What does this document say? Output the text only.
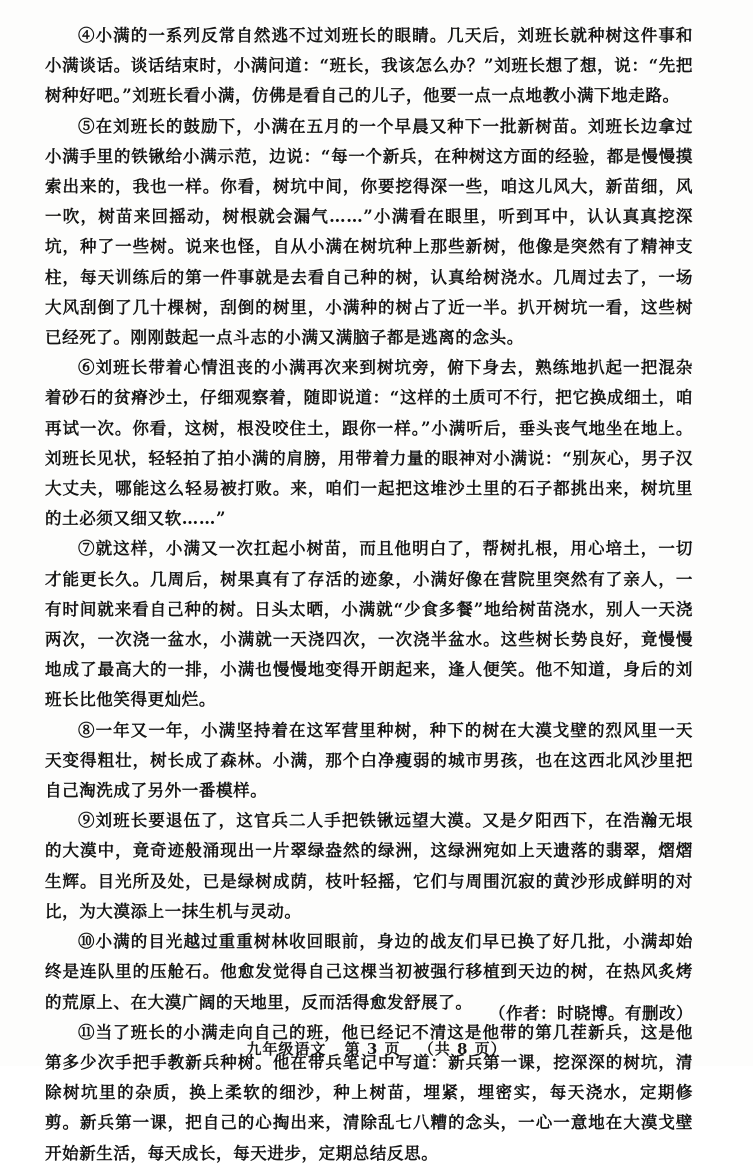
④小满的一系列反常自然逃不过刘班长的眼睛。几天后，刘班长就种树这件事和小满谈话。谈话结束时，小满问道：“班长，我该怎么办？”刘班长想了想，说：“先把树种好吧。”刘班长看小满，仿佛是看自己的儿子，他要一点一点地教小满下地走路。

⑤在刘班长的鼓励下，小满在五月的一个早晨又种下一批新树苗。刘班长边拿过小满手里的铁锹给小满示范，边说：“每一个新兵，在种树这方面的经验，都是慢慢摸索出来的，我也一样。你看，树坑中间，你要挖得深一些，咱这儿风大，新苗细，风一吹，树苗来回摇动，树根就会漏气……”小满看在眼里，听到耳中，认认真真挖深坑，种了一些树。说来也怪，自从小满在树坑种上那些新树，他像是突然有了精神支柱，每天训练后的第一件事就是去看自己种的树，认真给树浇水。几周过去了，一场大风刮倒了几十棵树，刮倒的树里，小满种的树占了近一半。扒开树坑一看，这些树已经死了。刚刚鼓起一点斗志的小满又满脑子都是逃离的念头。

⑥刘班长带着心情沮丧的小满再次来到树坑旁，俯下身去，熟练地扒起一把混杂着砂石的贫瘠沙土，仔细观察着，随即说道：“这样的土质可不行，把它换成细土，咱再试一次。你看，这树，根没咬住土，跟你一样。”小满听后，垂头丧气地坐在地上。刘班长见状，轻轻拍了拍小满的肩膀，用带着力量的眼神对小满说：“别灰心，男子汉大丈夫，哪能这么轻易被打败。来，咱们一起把这堆沙土里的石子都挑出来，树坑里的土必须又细又软……”

⑦就这样，小满又一次扛起小树苗，而且他明白了，帮树扎根，用心培土，一切才能更长久。几周后，树果真有了存活的迹象，小满好像在营院里突然有了亲人，一有时间就来看自己种的树。日头太晒，小满就“少食多餐”地给树苗浇水，别人一天浇两次，一次浇一盆水，小满就一天浇四次，一次浇半盆水。这些树长势良好，竟慢慢地成了最高大的一排，小满也慢慢地变得开朗起来，逢人便笑。他不知道，身后的刘班长比他笑得更灿烂。

⑧一年又一年，小满坚持着在这军营里种树，种下的树在大漠戈壁的烈风里一天天变得粗壮，树长成了森林。小满，那个白净瘦弱的城市男孩，也在这西北风沙里把自己淘洗成了另外一番模样。

⑨刘班长要退伍了，这官兵二人手把铁锹远望大漠。又是夕阳西下，在浩瀚无垠的大漠中，竟奇迹般涌现出一片翠绿盎然的绿洲，这绿洲宛如上天遗落的翡翠，熠熠生辉。目光所及处，已是绿树成荫，枝叶轻摇，它们与周围沉寂的黄沙形成鲜明的对比，为大漠添上一抹生机与灵动。

⑩小满的目光越过重重树林收回眼前，身边的战友们早已换了好几批，小满却始终是连队里的压舱石。他愈发觉得自己这棵当初被强行移植到天边的树，在热风炙烤的荒原上、在大漠广阔的天地里，反而活得愈发舒展了。

⑪当了班长的小满走向自己的班，他已经记不清这是他带的第几茬新兵，这是他第多少次手把手教新兵种树。他在带兵笔记中写道：新兵第一课，挖深深的树坑，清除树坑里的杂质，换上柔软的细沙，种上树苗，埋紧，埋密实，每天浇水，定期修剪。新兵第一课，把自己的心掏出来，清除乱七八糟的念头，一心一意地在大漠戈壁开始新生活，每天成长，每天进步，定期总结反思。

（作者：时晓博。有删改）
九年级语文 第 3 页 （共 8 页）
